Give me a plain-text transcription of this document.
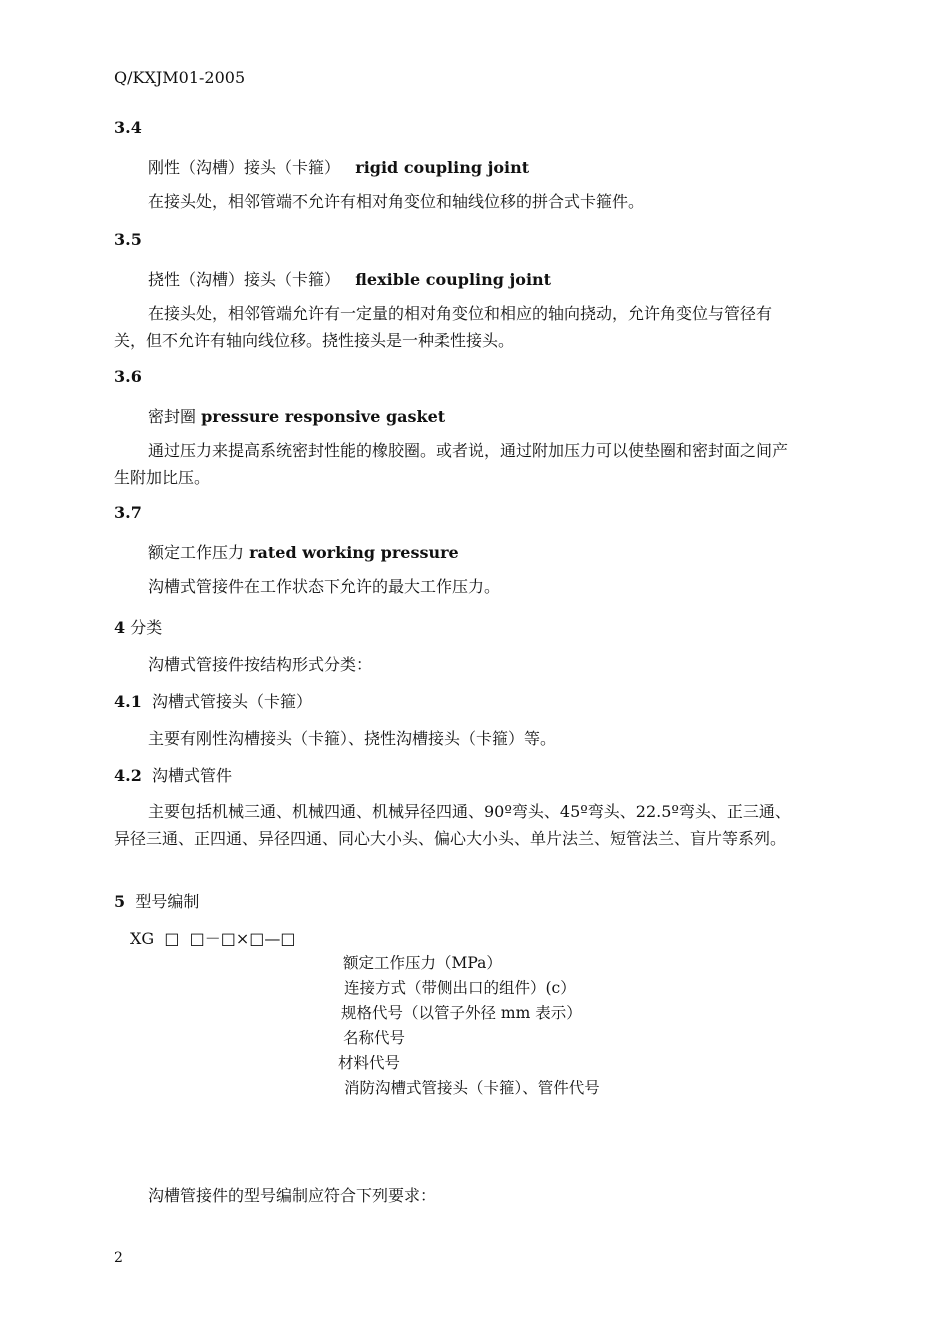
Q/KXJM01-2005
3.4
刚性（沟槽）接头（卡箍） rigid coupling joint
在接头处，相邻管端不允许有相对角变位和轴线位移的拼合式卡箍件。
3.5
挠性（沟槽）接头（卡箍） flexible coupling joint
在接头处，相邻管端允许有一定量的相对角变位和相应的轴向挠动，允许角变位与管径有关，但不允许有轴向线位移。挠性接头是一种柔性接头。
3.6
密封圈 pressure responsive gasket
通过压力来提高系统密封性能的橡胶圈。或者说，通过附加压力可以使垫圈和密封面之间产生附加比压。
3.7
额定工作压力 rated working pressure
沟槽式管接件在工作状态下允许的最大工作压力。
4 分类
沟槽式管接件按结构形式分类：
4.1 沟槽式管接头（卡箍）
主要有刚性沟槽接头（卡箍）、挠性沟槽接头（卡箍）等。
4.2 沟槽式管件
主要包括机械三通、机械四通、机械异径四通、90º弯头、45º弯头、22.5º弯头、正三通、异径三通、正四通、异径四通、同心大小头、偏心大小头、单片法兰、短管法兰、盲片等系列。
5 型号编制
XG  □  □－□×□—□
额定工作压力（MPa）
连接方式（带侧出口的组件）(c）
规格代号（以管子外径 mm 表示）
名称代号
材料代号
消防沟槽式管接头（卡箍）、管件代号
沟槽管接件的型号编制应符合下列要求：
2
